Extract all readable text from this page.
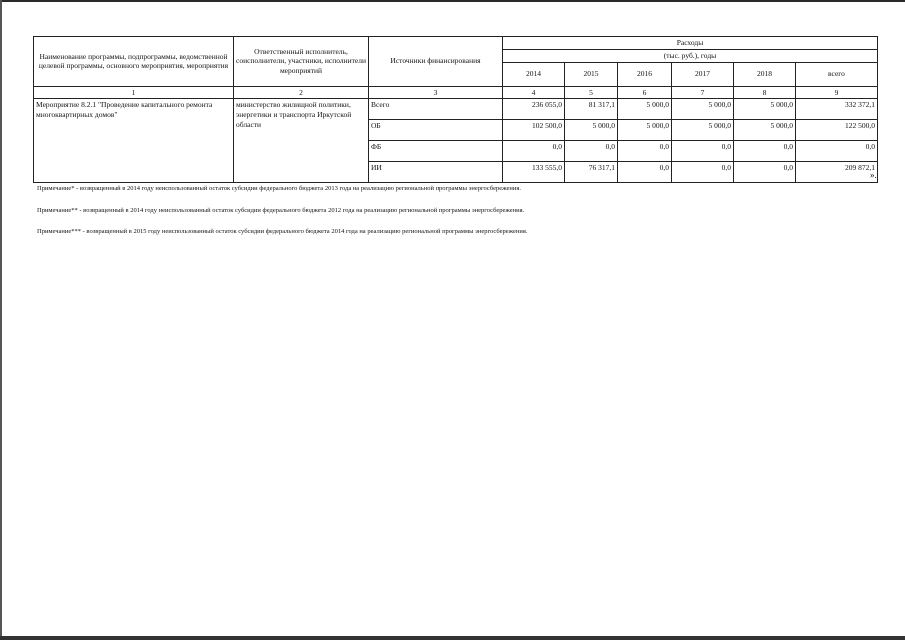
Наименование программы, подпрограммы, ведомственной целевой программы, основного мероприятия, мероприятия	Ответственный исполнитель, соисполнители, участники, исполнители мероприятий	Источники финансирования	Расходы					
			(тыс. руб.), годы					
			2014	2015	2016	2017	2018	всего
1	2	3	4	5	6	7	8	9
Мероприятие 8.2.1 "Проведение капитального ремонта многоквартирных домов"	министерство жилищной политики, энергетики и транспорта Иркутской области	Всего	236 055,0	81 317,1	5 000,0	5 000,0	5 000,0	332 372,1
		ОБ	102 500,0	5 000,0	5 000,0	5 000,0	5 000,0	122 500,0
		ФБ	0,0	0,0	0,0	0,0	0,0	0,0
		ИИ	133 555,0	76 317,1	0,0	0,0	0,0	209 872,1
».
Примечание* - возвращенный в 2014 году неиспользованный остаток субсидии федерального бюджета 2013 года на реализацию региональной программы энергосбережения.
Примечание** - возвращенный в 2014 году неиспользованный остаток субсидии федерального бюджета 2012 года на реализацию региональной программы энергосбережения.
Примечание*** - возвращенный в 2015 году неиспользованный остаток субсидии федерального бюджета 2014 года на реализацию региональной программы энергосбережения.
